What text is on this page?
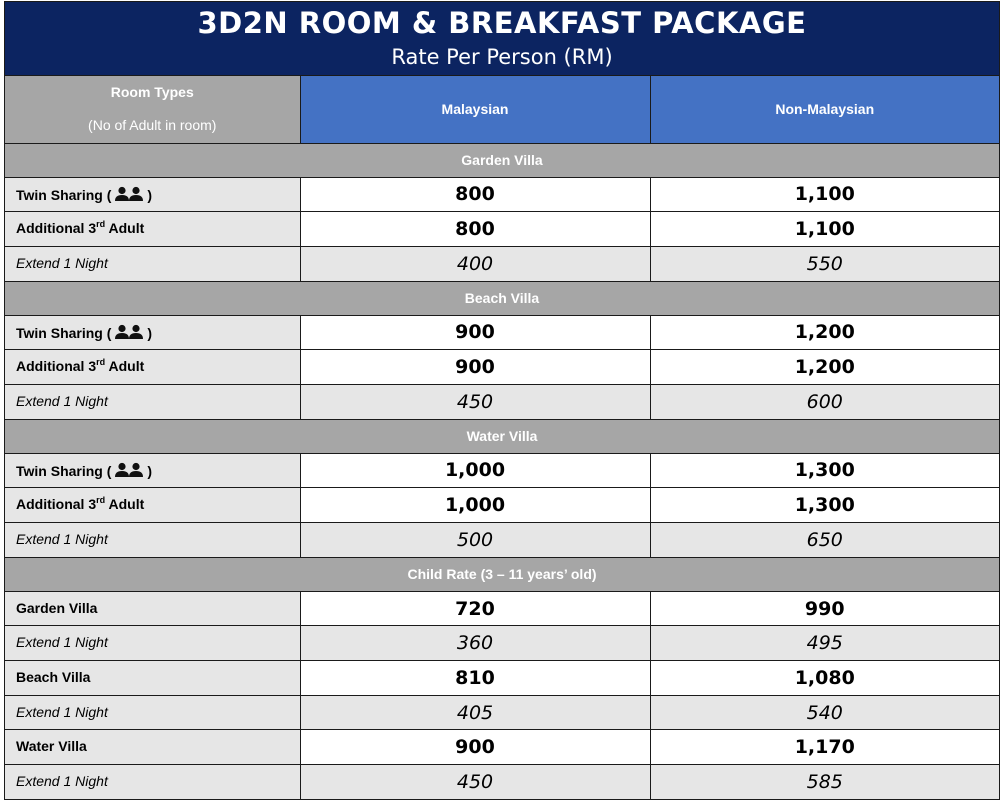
3D2N ROOM & BREAKFAST PACKAGE
Rate Per Person (RM)
Room Types
(No of Adult in room)	Malaysian	Non-Malaysian
Garden Villa		
Twin Sharing ( )	800	1,100
Additional 3rd Adult	800	1,100
Extend 1 Night	400	550
Beach Villa		
Twin Sharing ( )	900	1,200
Additional 3rd Adult	900	1,200
Extend 1 Night	450	600
Water Villa		
Twin Sharing ( )	1,000	1,300
Additional 3rd Adult	1,000	1,300
Extend 1 Night	500	650
Child Rate (3 – 11 years’ old)		
Garden Villa	720	990
Extend 1 Night	360	495
Beach Villa	810	1,080
Extend 1 Night	405	540
Water Villa	900	1,170
Extend 1 Night	450	585
